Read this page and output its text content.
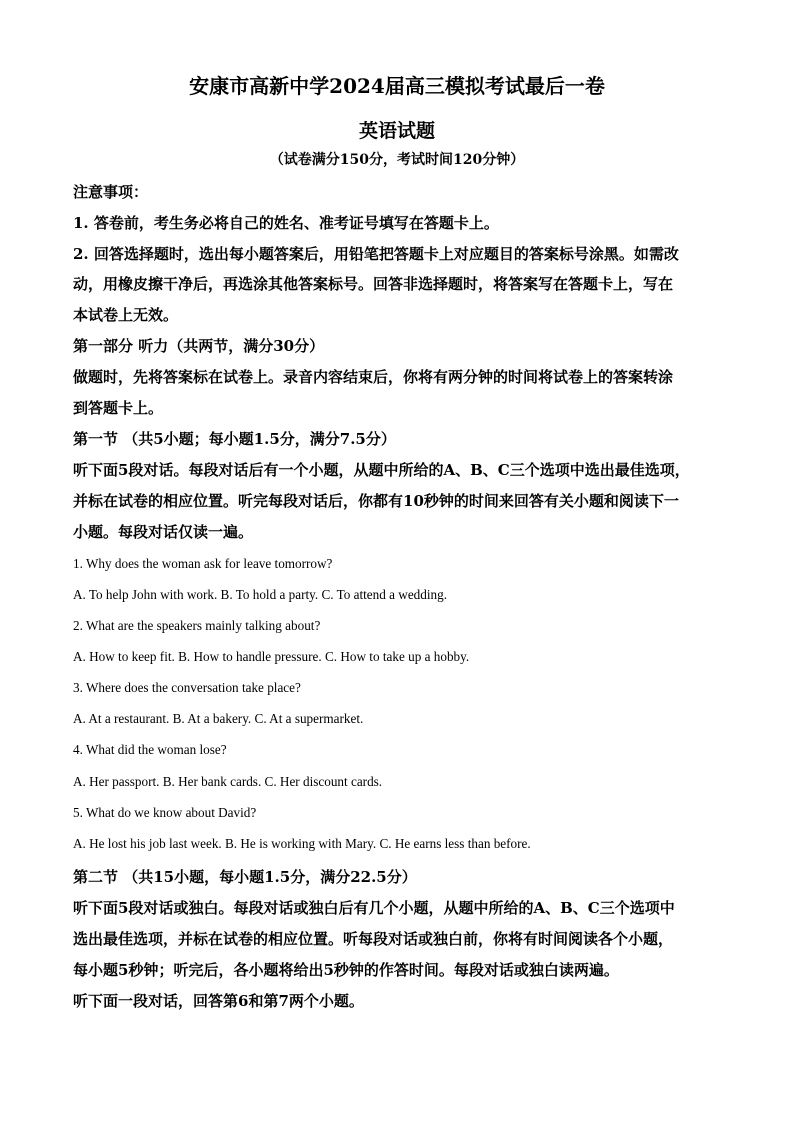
安康市高新中学2024届高三模拟考试最后一卷
英语试题
（试卷满分150分，考试时间120分钟）
注意事项：
1. 答卷前，考生务必将自己的姓名、准考证号填写在答题卡上。
2. 回答选择题时，选出每小题答案后，用铅笔把答题卡上对应题目的答案标号涂黑。如需改
动，用橡皮擦干净后，再选涂其他答案标号。回答非选择题时，将答案写在答题卡上，写在
本试卷上无效。
第一部分 听力（共两节，满分30分）
做题时，先将答案标在试卷上。录音内容结束后，你将有两分钟的时间将试卷上的答案转涂
到答题卡上。
第一节 （共5小题；每小题1.5分，满分7.5分）
听下面5段对话。每段对话后有一个小题，从题中所给的A、B、C三个选项中选出最佳选项，
并标在试卷的相应位置。听完每段对话后，你都有10秒钟的时间来回答有关小题和阅读下一
小题。每段对话仅读一遍。
1. Why does the woman ask for leave tomorrow?
A. To help John with work. B. To hold a party. C. To attend a wedding.
2. What are the speakers mainly talking about?
A. How to keep fit. B. How to handle pressure. C. How to take up a hobby.
3. Where does the conversation take place?
A. At a restaurant. B. At a bakery. C. At a supermarket.
4. What did the woman lose?
A. Her passport. B. Her bank cards. C. Her discount cards.
5. What do we know about David?
A. He lost his job last week. B. He is working with Mary. C. He earns less than before.
第二节 （共15小题，每小题1.5分，满分22.5分）
听下面5段对话或独白。每段对话或独白后有几个小题，从题中所给的A、B、C三个选项中
选出最佳选项，并标在试卷的相应位置。听每段对话或独白前，你将有时间阅读各个小题，
每小题5秒钟；听完后，各小题将给出5秒钟的作答时间。每段对话或独白读两遍。
听下面一段对话，回答第6和第7两个小题。
